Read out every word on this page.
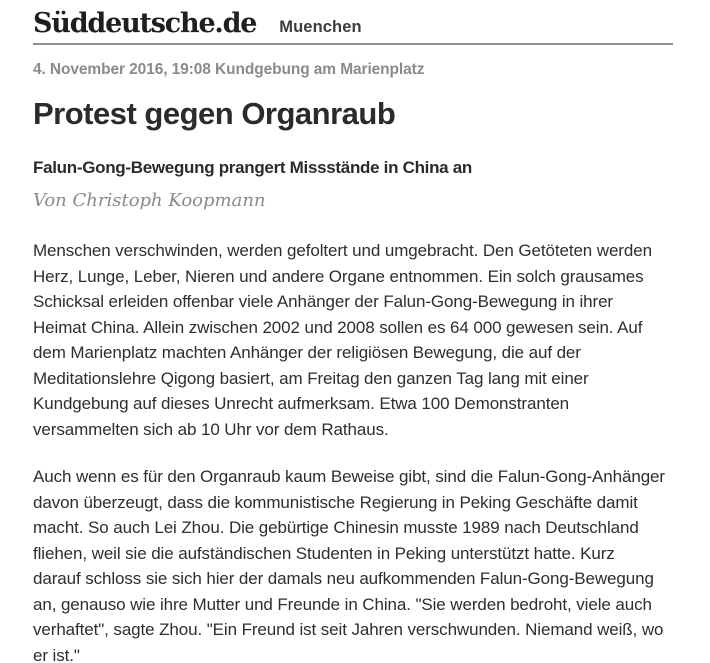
Süddeutsche.de Muenchen
4. November 2016, 19:08 Kundgebung am Marienplatz
Protest gegen Organraub
Falun-Gong-Bewegung prangert Missstände in China an

Von Christoph Koopmann

Menschen verschwinden, werden gefoltert und umgebracht. Den Getöteten werden
Herz, Lunge, Leber, Nieren und andere Organe entnommen. Ein solch grausames
Schicksal erleiden offenbar viele Anhänger der Falun-Gong-Bewegung in ihrer
Heimat China. Allein zwischen 2002 und 2008 sollen es 64 000 gewesen sein. Auf
dem Marienplatz machten Anhänger der religiösen Bewegung, die auf der
Meditationslehre Qigong basiert, am Freitag den ganzen Tag lang mit einer
Kundgebung auf dieses Unrecht aufmerksam. Etwa 100 Demonstranten
versammelten sich ab 10 Uhr vor dem Rathaus.
Auch wenn es für den Organraub kaum Beweise gibt, sind die Falun-Gong-Anhänger
davon überzeugt, dass die kommunistische Regierung in Peking Geschäfte damit
macht. So auch Lei Zhou. Die gebürtige Chinesin musste 1989 nach Deutschland
fliehen, weil sie die aufständischen Studenten in Peking unterstützt hatte. Kurz
darauf schloss sie sich hier der damals neu aufkommenden Falun-Gong-Bewegung
an, genauso wie ihre Mutter und Freunde in China. "Sie werden bedroht, viele auch
verhaftet", sagte Zhou. "Ein Freund ist seit Jahren verschwunden. Niemand weiß, wo
er ist."
